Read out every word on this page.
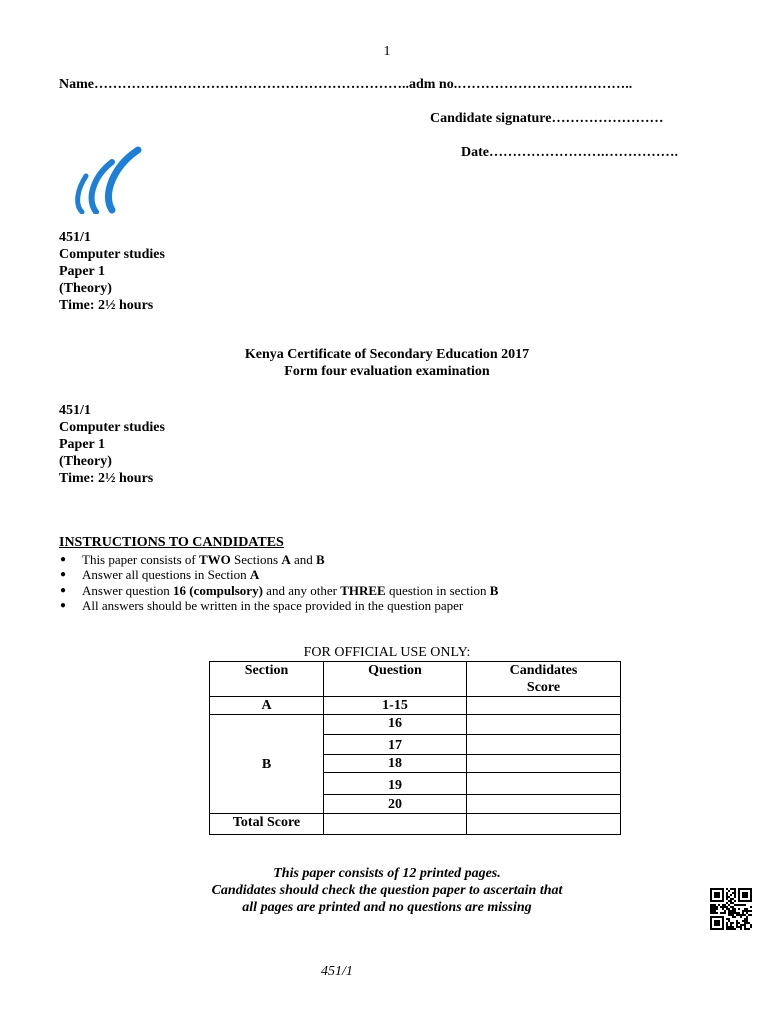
1
Name…………………………………………………………..adm no.………………………………..
Candidate signature……………………
Date…………………….…………….
451/1
Computer studies
Paper 1
(Theory)
Time: 2½ hours
Kenya Certificate of Secondary Education 2017
Form four evaluation examination
451/1
Computer studies
Paper 1
(Theory)
Time: 2½ hours
INSTRUCTIONS TO CANDIDATES
● This paper consists of TWO Sections A and B
● Answer all questions in Section A
● Answer question 16 (compulsory) and any other THREE question in section B
● All answers should be written in the space provided in the question paper
FOR OFFICIAL USE ONLY:
Section	Question	Candidates
Score

A	1-15	
B	16	
	17	
	18	
	19	
	20	
Total Score		
This paper consists of 12 printed pages.
Candidates should check the question paper to ascertain that
all pages are printed and no questions are missing
451/1
